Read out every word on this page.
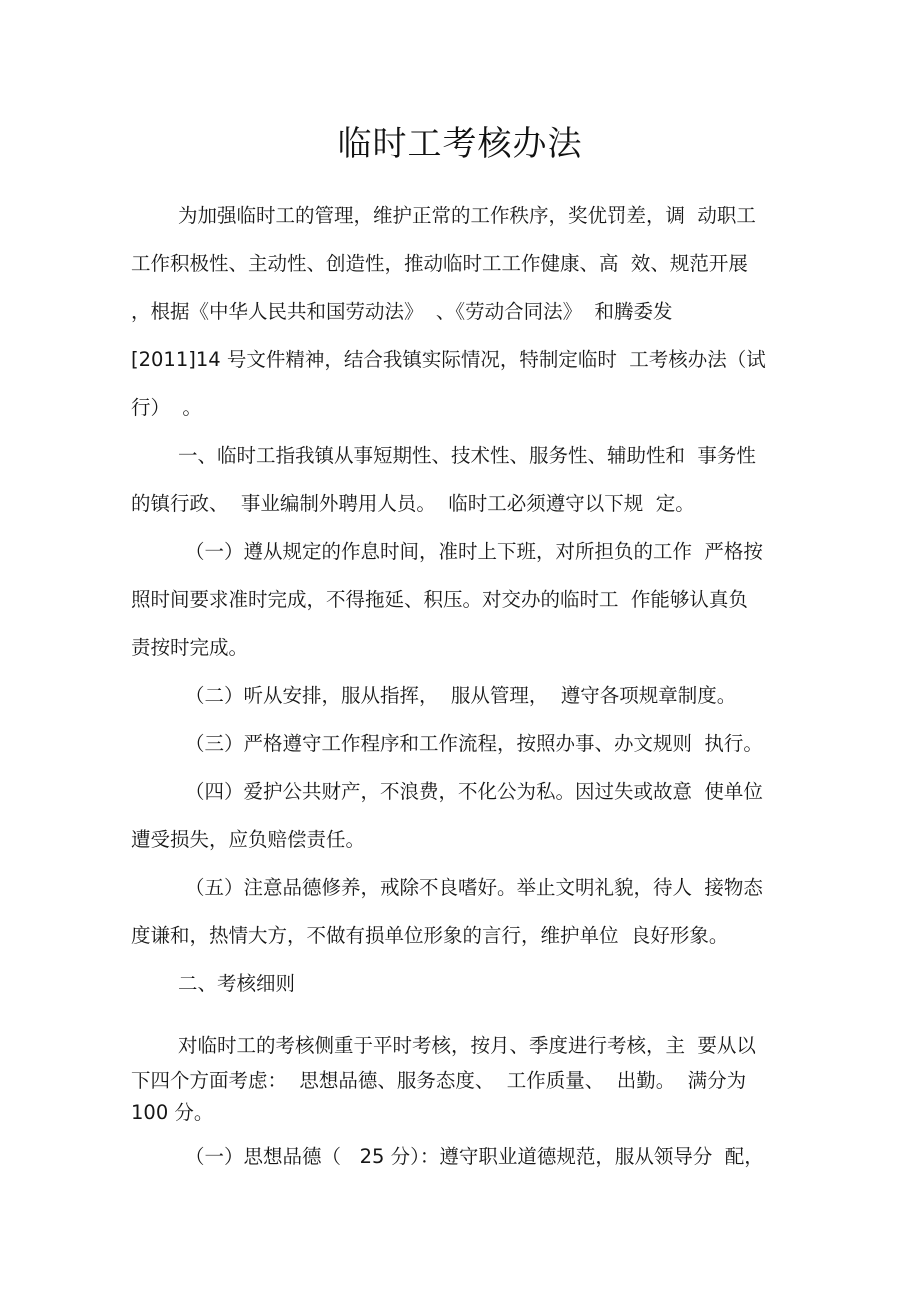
临时工考核办法
为加强临时工的管理，维护正常的工作秩序，奖优罚差，调  动职工
工作积极性、主动性、创造性，推动临时工工作健康、高  效、规范开展
，根据《中华人民共和国劳动法》  、《劳动合同法》  和腾委发
[2011]14 号文件精神，结合我镇实际情况，特制定临时  工考核办法（试
行）  。
一、临时工指我镇从事短期性、技术性、服务性、辅助性和  事务性
的镇行政、  事业编制外聘用人员。  临时工必须遵守以下规  定。
（一）遵从规定的作息时间，准时上下班，对所担负的工作  严格按
照时间要求准时完成，不得拖延、积压。对交办的临时工  作能够认真负
责按时完成。
（二）听从安排，服从指挥，  服从管理，  遵守各项规章制度。
（三）严格遵守工作程序和工作流程，按照办事、办文规则  执行。
（四）爱护公共财产，不浪费，不化公为私。因过失或故意  使单位
遭受损失，应负赔偿责任。
（五）注意品德修养，戒除不良嗜好。举止文明礼貌，待人  接物态
度谦和，热情大方，不做有损单位形象的言行，维护单位  良好形象。
二、考核细则
对临时工的考核侧重于平时考核，按月、季度进行考核，主  要从以
下四个方面考虑：  思想品德、服务态度、  工作质量、  出勤。  满分为
100 分。
（一）思想品德（   25 分）：遵守职业道德规范，服从领导分  配，
